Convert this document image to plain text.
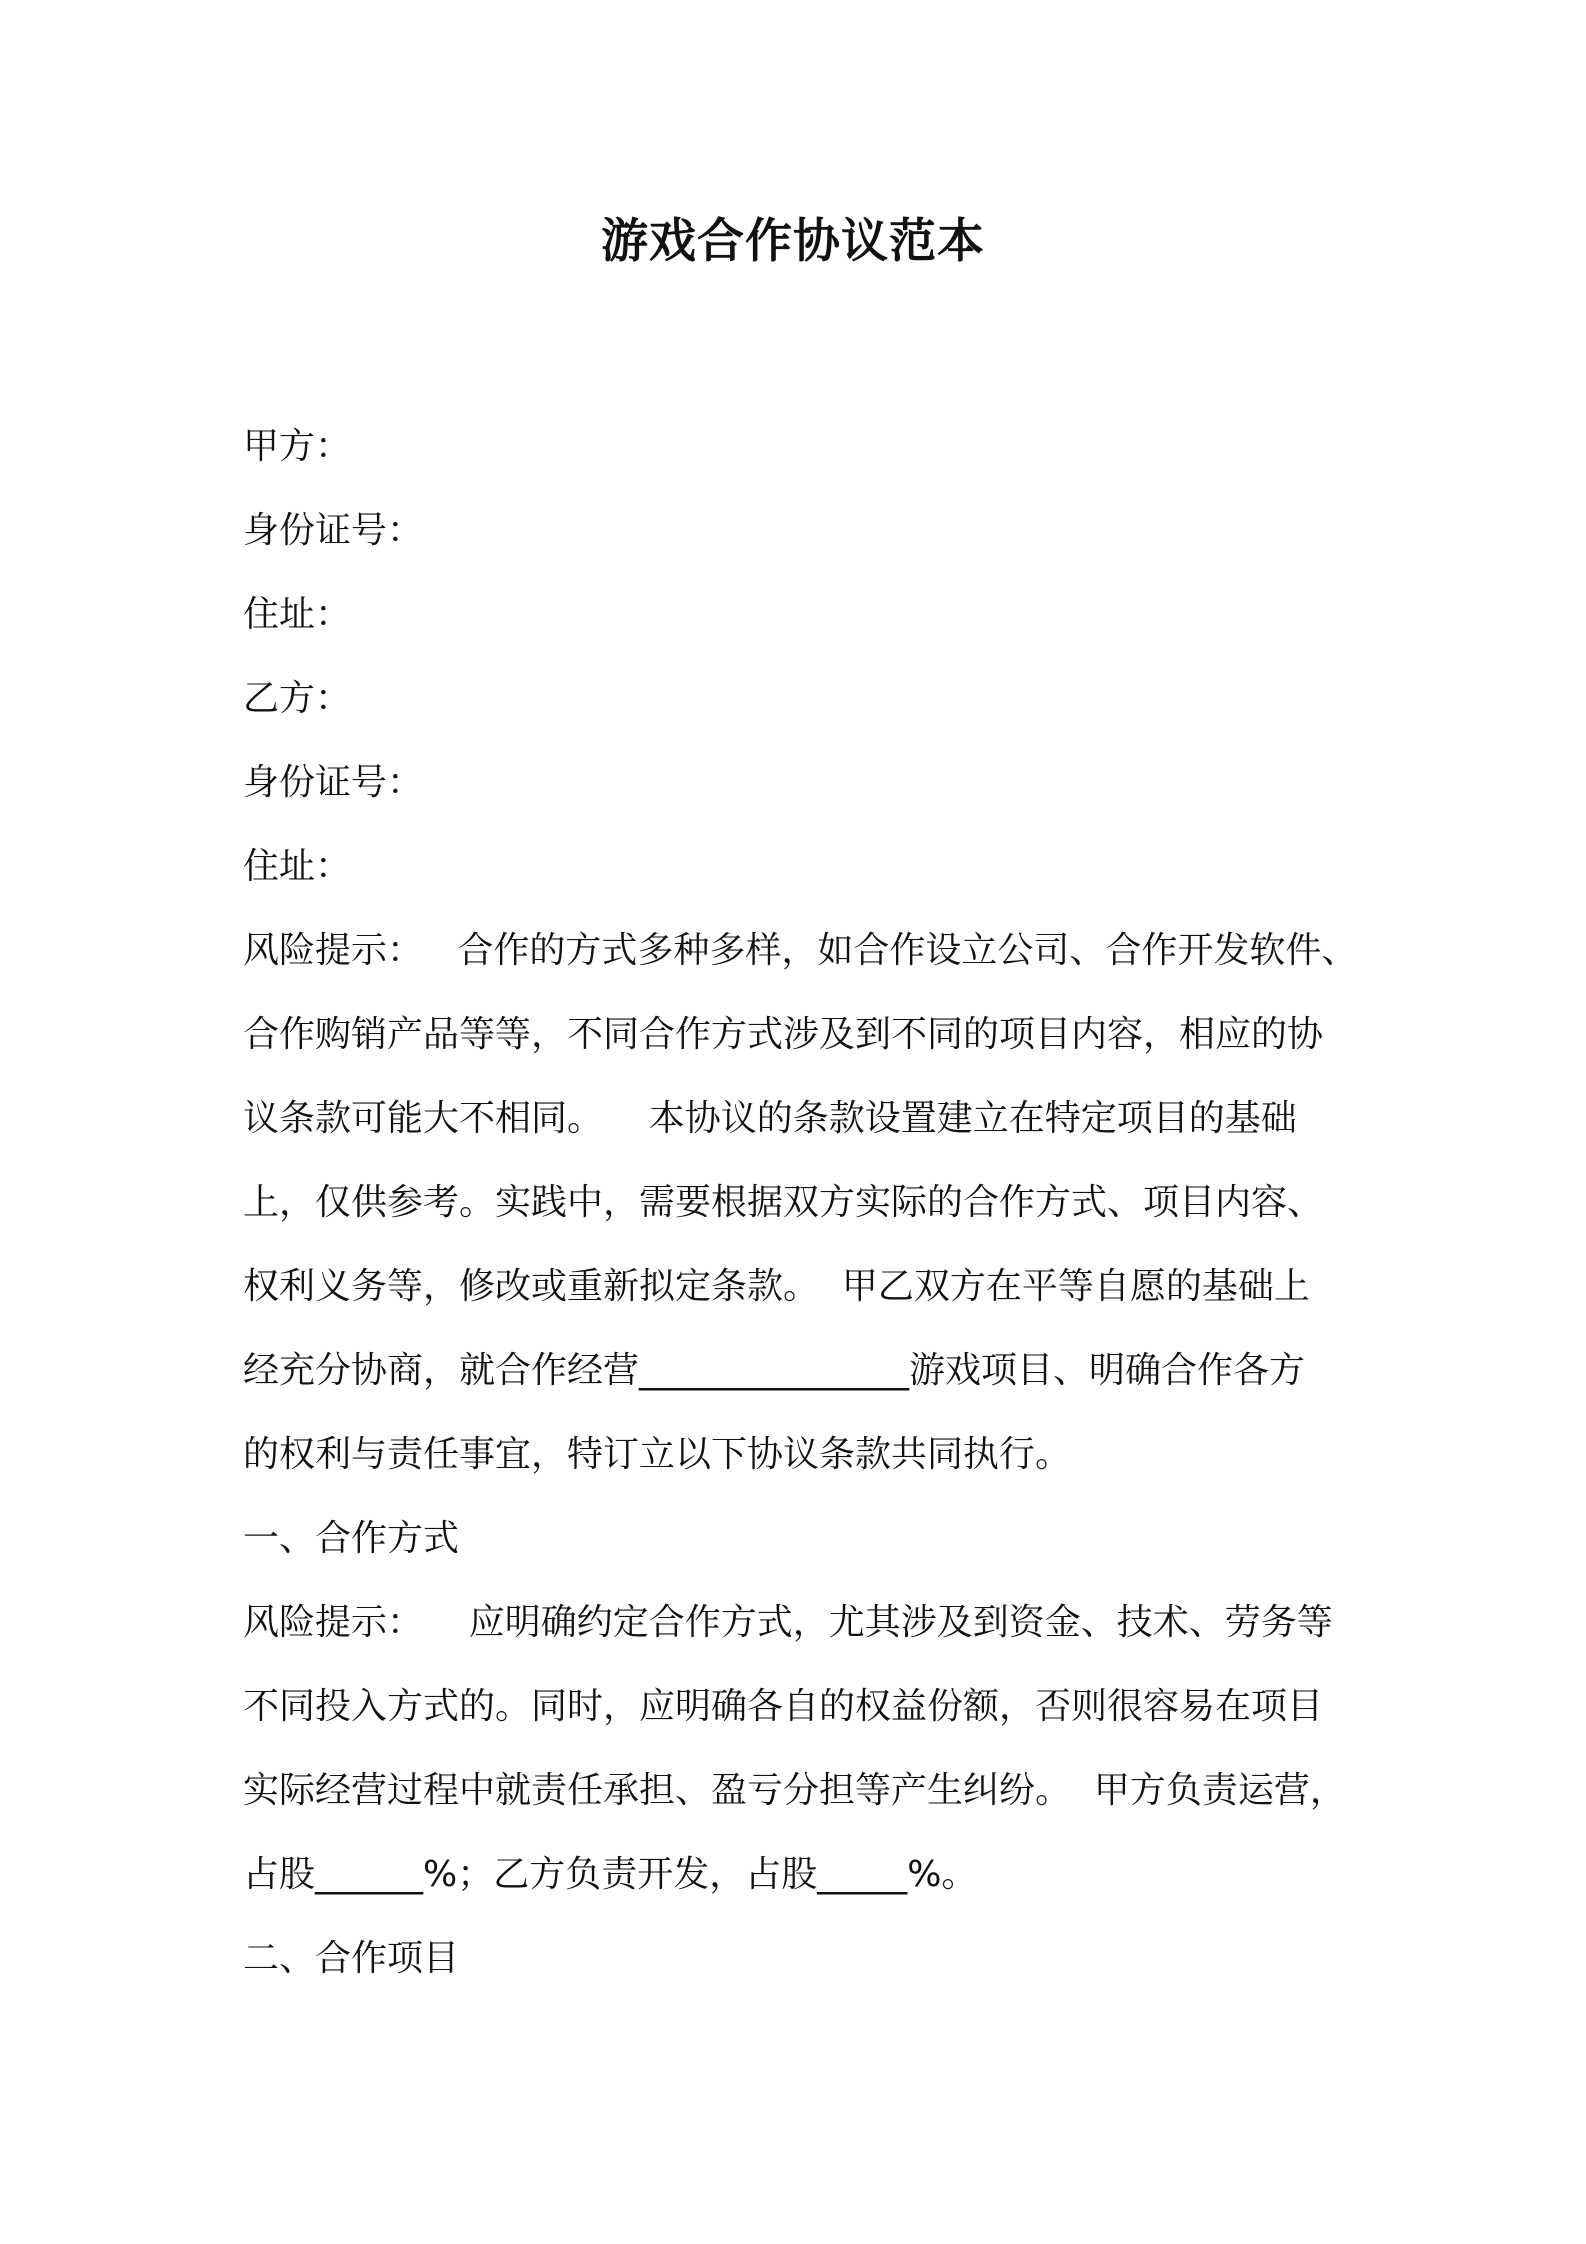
游戏合作协议范本
甲方：
身份证号：
住址：
乙方：
身份证号：
住址：
风险提示：   合作的方式多种多样，如合作设立公司、合作开发软件、
合作购销产品等等，不同合作方式涉及到不同的项目内容，相应的协
议条款可能大不相同。    本协议的条款设置建立在特定项目的基础
上，仅供参考。实践中，需要根据双方实际的合作方式、项目内容、
权利义务等，修改或重新拟定条款。  甲乙双方在平等自愿的基础上
经充分协商，就合作经营_______________游戏项目、明确合作各方
的权利与责任事宜，特订立以下协议条款共同执行。
一、合作方式
风险提示：    应明确约定合作方式，尤其涉及到资金、技术、劳务等
不同投入方式的。同时，应明确各自的权益份额，否则很容易在项目
实际经营过程中就责任承担、盈亏分担等产生纠纷。  甲方负责运营，
占股______%；乙方负责开发，占股_____%。
二、合作项目
